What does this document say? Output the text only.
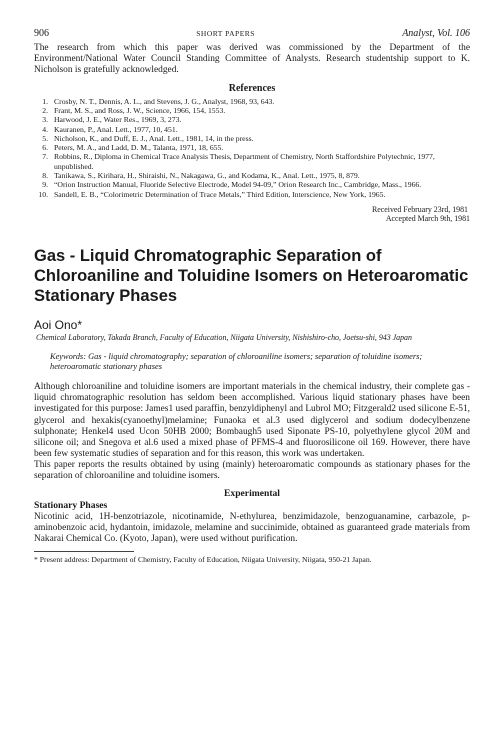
906	SHORT PAPERS	Analyst, Vol. 106

The research from which this paper was derived was commissioned by the Department of the Environment/National Water Council Standing Committee of Analysts. Research studentship support to K. Nicholson is gratefully acknowledged.

References
1. Crosby, N. T., Dennis, A. L., and Stevens, J. G., Analyst, 1968, 93, 643.
2. Frant, M. S., and Ross, J. W., Science, 1966, 154, 1553.
3. Harwood, J. E., Water Res., 1969, 3, 273.
4. Kauranen, P., Anal. Lett., 1977, 10, 451.
5. Nicholson, K., and Duff, E. J., Anal. Lett., 1981, 14, in the press.
6. Peters, M. A., and Ladd, D. M., Talanta, 1971, 18, 655.
7. Robbins, R., Diploma in Chemical Trace Analysis Thesis, Department of Chemistry, North Staffordshire Polytechnic, 1977, unpublished.
8. Tanikawa, S., Kirihara, H., Shiraishi, N., Nakagawa, G., and Kodama, K., Anal. Lett., 1975, 8, 879.
9. “Orion Instruction Manual, Fluoride Selective Electrode, Model 94-09,” Orion Research Inc., Cambridge, Mass., 1966.
10. Sandell, E. B., “Colorimetric Determination of Trace Metals,” Third Edition, Interscience, New York, 1965.
Received February 23rd, 1981
Accepted March 9th, 1981
Gas - Liquid Chromatographic Separation of Chloroaniline and Toluidine Isomers on Heteroaromatic Stationary Phases
Aoi Ono*
Chemical Laboratory, Takada Branch, Faculty of Education, Niigata University, Nishishiro-cho, Joetsu-shi, 943 Japan
Keywords: Gas - liquid chromatography; separation of chloroaniline isomers; separation of toluidine isomers; heteroaromatic stationary phases

Although chloroaniline and toluidine isomers are important materials in the chemical industry, their complete gas - liquid chromatographic resolution has seldom been accomplished. Various liquid stationary phases have been investigated for this purpose: James1 used paraffin, benzyldiphenyl and Lubrol MO; Fitzgerald2 used silicone E-51, glycerol and hexakis(cyanoethyl)melamine; Funaoka et al.3 used diglycerol and sodium dodecylbenzene sulphonate; Henkel4 used Ucon 50HB 2000; Bombaugh5 used Siponate PS-10, polyethylene glycol 20M and silicone oil; and Snegova et al.6 used a mixed phase of PFMS-4 and fluorosilicone oil 169. However, there have been few systematic studies of separation and for this reason, this work was undertaken.

This paper reports the results obtained by using (mainly) heteroaromatic compounds as stationary phases for the separation of chloroaniline and toluidine isomers.

Experimental
Stationary Phases

Nicotinic acid, 1H-benzotriazole, nicotinamide, N-ethylurea, benzimidazole, benzoguanamine, carbazole, p-aminobenzoic acid, hydantoin, imidazole, melamine and succinimide, obtained as guaranteed grade materials from Nakarai Chemical Co. (Kyoto, Japan), were used without purification.

* Present address: Department of Chemistry, Faculty of Education, Niigata University, Niigata, 950-21 Japan.
